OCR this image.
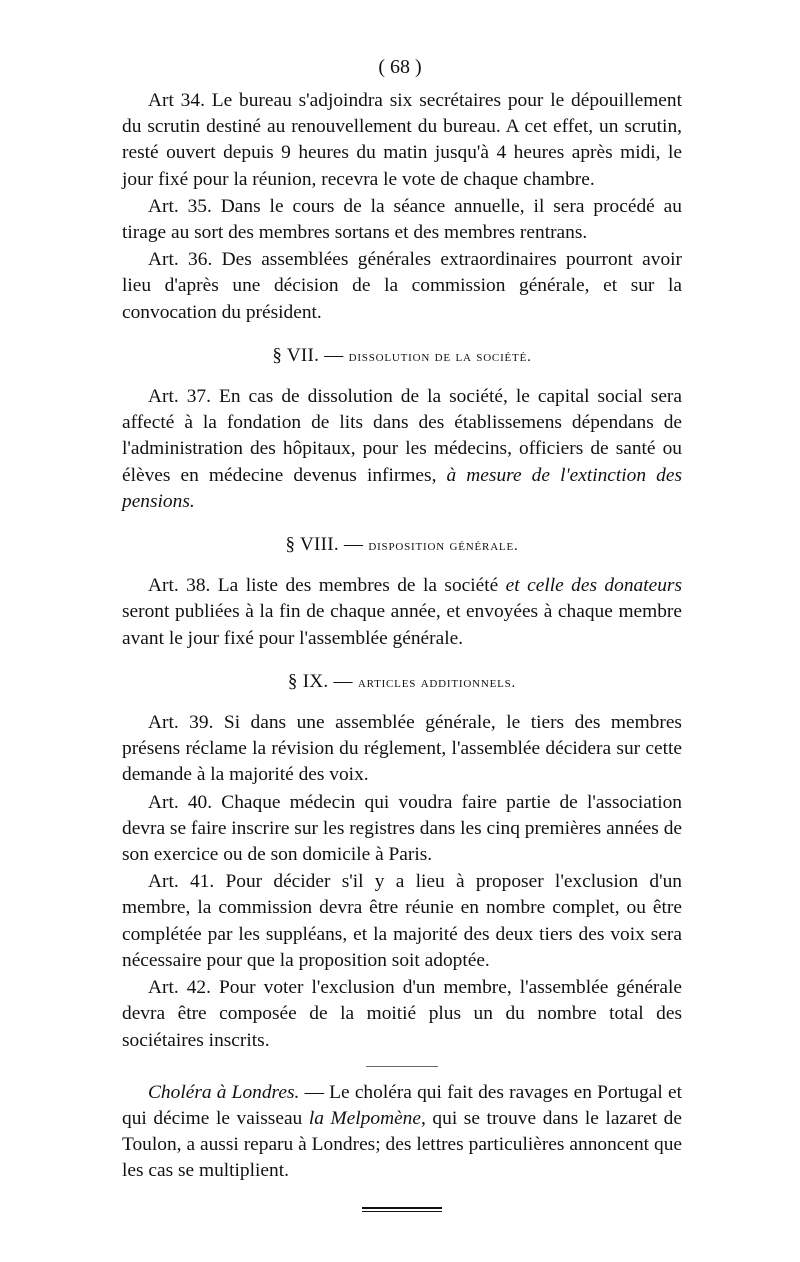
( 68 )

Art 34. Le bureau s'adjoindra six secrétaires pour le dépouillement du scrutin destiné au renouvellement du bureau. A cet effet, un scrutin, resté ouvert depuis 9 heures du matin jusqu'à 4 heures après midi, le jour fixé pour la réunion, recevra le vote de chaque chambre.

Art. 35. Dans le cours de la séance annuelle, il sera procédé au tirage au sort des membres sortans et des membres rentrans.

Art. 36. Des assemblées générales extraordinaires pourront avoir lieu d'après une décision de la commission générale, et sur la convocation du président.

§ VII. — dissolution de la société.

Art. 37. En cas de dissolution de la société, le capital social sera affecté à la fondation de lits dans des établissemens dépendans de l'administration des hôpitaux, pour les médecins, officiers de santé ou élèves en médecine devenus infirmes, à mesure de l'extinction des pensions.

§ VIII. — disposition générale.

Art. 38. La liste des membres de la société et celle des donateurs seront publiées à la fin de chaque année, et envoyées à chaque membre avant le jour fixé pour l'assemblée générale.

§ IX. — articles additionnels.

Art. 39. Si dans une assemblée générale, le tiers des membres présens réclame la révision du réglement, l'assemblée décidera sur cette demande à la majorité des voix.

Art. 40. Chaque médecin qui voudra faire partie de l'association devra se faire inscrire sur les registres dans les cinq premières années de son exercice ou de son domicile à Paris.

Art. 41. Pour décider s'il y a lieu à proposer l'exclusion d'un membre, la commission devra être réunie en nombre complet, ou être complétée par les suppléans, et la majorité des deux tiers des voix sera nécessaire pour que la proposition soit adoptée.

Art. 42. Pour voter l'exclusion d'un membre, l'assemblée générale devra être composée de la moitié plus un du nombre total des sociétaires inscrits.

Choléra à Londres. — Le choléra qui fait des ravages en Portugal et qui décime le vaisseau la Melpomène, qui se trouve dans le lazaret de Toulon, a aussi reparu à Londres; des lettres particulières annoncent que les cas se multiplient.
